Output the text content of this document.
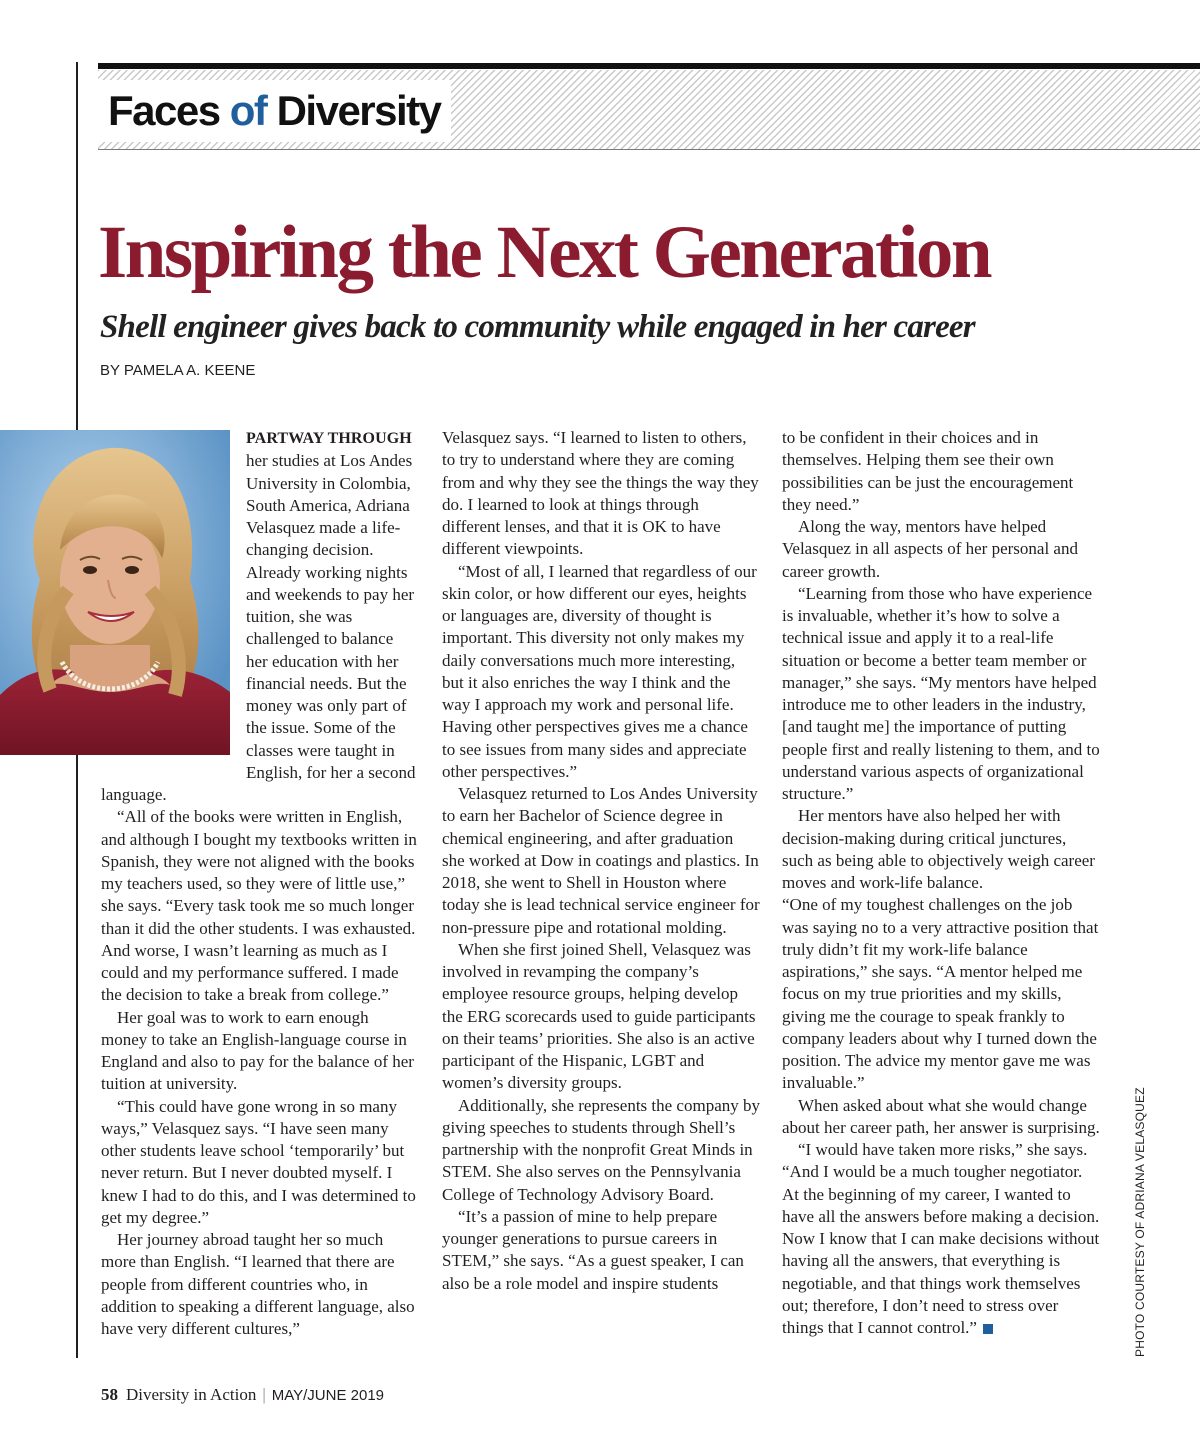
Faces of Diversity
Inspiring the Next Generation
Shell engineer gives back to community while engaged in her career
BY PAMELA A. KEENE

PARTWAY THROUGH her studies at Los Andes University in Colombia, South America, Adriana Velasquez made a life-changing decision. Already working nights and weekends to pay her tuition, she was challenged to balance her education with her financial needs. But the money was only part of the issue. Some of the classes were taught in English, for her a second language.

“All of the books were written in English, and although I bought my textbooks written in Spanish, they were not aligned with the books my teachers used, so they were of little use,” she says. “Every task took me so much longer than it did the other students. I was exhausted. And worse, I wasn’t learning as much as I could and my performance suffered. I made the decision to take a break from college.”

Her goal was to work to earn enough money to take an English-language course in England and also to pay for the balance of her tuition at university.

“This could have gone wrong in so many ways,” Velasquez says. “I have seen many other students leave school ‘temporarily’ but never return. But I never doubted myself. I knew I had to do this, and I was determined to get my degree.”

Her journey abroad taught her so much more than English. “I learned that there are people from different countries who, in addition to speaking a different language, also have very different cultures,”

Velasquez says. “I learned to listen to others, to try to understand where they are coming from and why they see the things the way they do. I learned to look at things through different lenses, and that it is OK to have different viewpoints.

“Most of all, I learned that regardless of our skin color, or how different our eyes, heights or languages are, diversity of thought is important. This diversity not only makes my daily conversations much more interesting, but it also enriches the way I think and the way I approach my work and personal life. Having other perspectives gives me a chance to see issues from many sides and appreciate other perspectives.”

Velasquez returned to Los Andes University to earn her Bachelor of Science degree in chemical engineering, and after graduation she worked at Dow in coatings and plastics. In 2018, she went to Shell in Houston where today she is lead technical service engineer for non-pressure pipe and rotational molding.

When she first joined Shell, Velasquez was involved in revamping the company’s employee resource groups, helping develop the ERG scorecards used to guide participants on their teams’ priorities. She also is an active participant of the Hispanic, LGBT and women’s diversity groups.

Additionally, she represents the company by giving speeches to students through Shell’s partnership with the nonprofit Great Minds in STEM. She also serves on the Pennsylvania College of Technology Advisory Board.

“It’s a passion of mine to help prepare younger generations to pursue careers in STEM,” she says. “As a guest speaker, I can also be a role model and inspire students

to be confident in their choices and in themselves. Helping them see their own possibilities can be just the encouragement they need.”

Along the way, mentors have helped Velasquez in all aspects of her personal and career growth.

“Learning from those who have experience is invaluable, whether it’s how to solve a technical issue and apply it to a real-life situation or become a better team member or manager,” she says. “My mentors have helped introduce me to other leaders in the industry, [and taught me] the importance of putting people first and really listening to them, and to understand various aspects of organizational structure.”

Her mentors have also helped her with decision-making during critical junctures, such as being able to objectively weigh career moves and work-life balance.

“One of my toughest challenges on the job was saying no to a very attractive position that truly didn’t fit my work-life balance aspirations,” she says. “A mentor helped me focus on my true priorities and my skills, giving me the courage to speak frankly to company leaders about why I turned down the position. The advice my mentor gave me was invaluable.”

When asked about what she would change about her career path, her answer is surprising.

“I would have taken more risks,” she says. “And I would be a much tougher negotiator. At the beginning of my career, I wanted to have all the answers before making a decision. Now I know that I can make decisions without having all the answers, that everything is negotiable, and that things work themselves out; therefore, I don’t need to stress over things that I cannot control.”	PHOTO COURTESY OF ADRIANA VELASQUEZ
58 Diversity in Action | MAY/JUNE 2019
